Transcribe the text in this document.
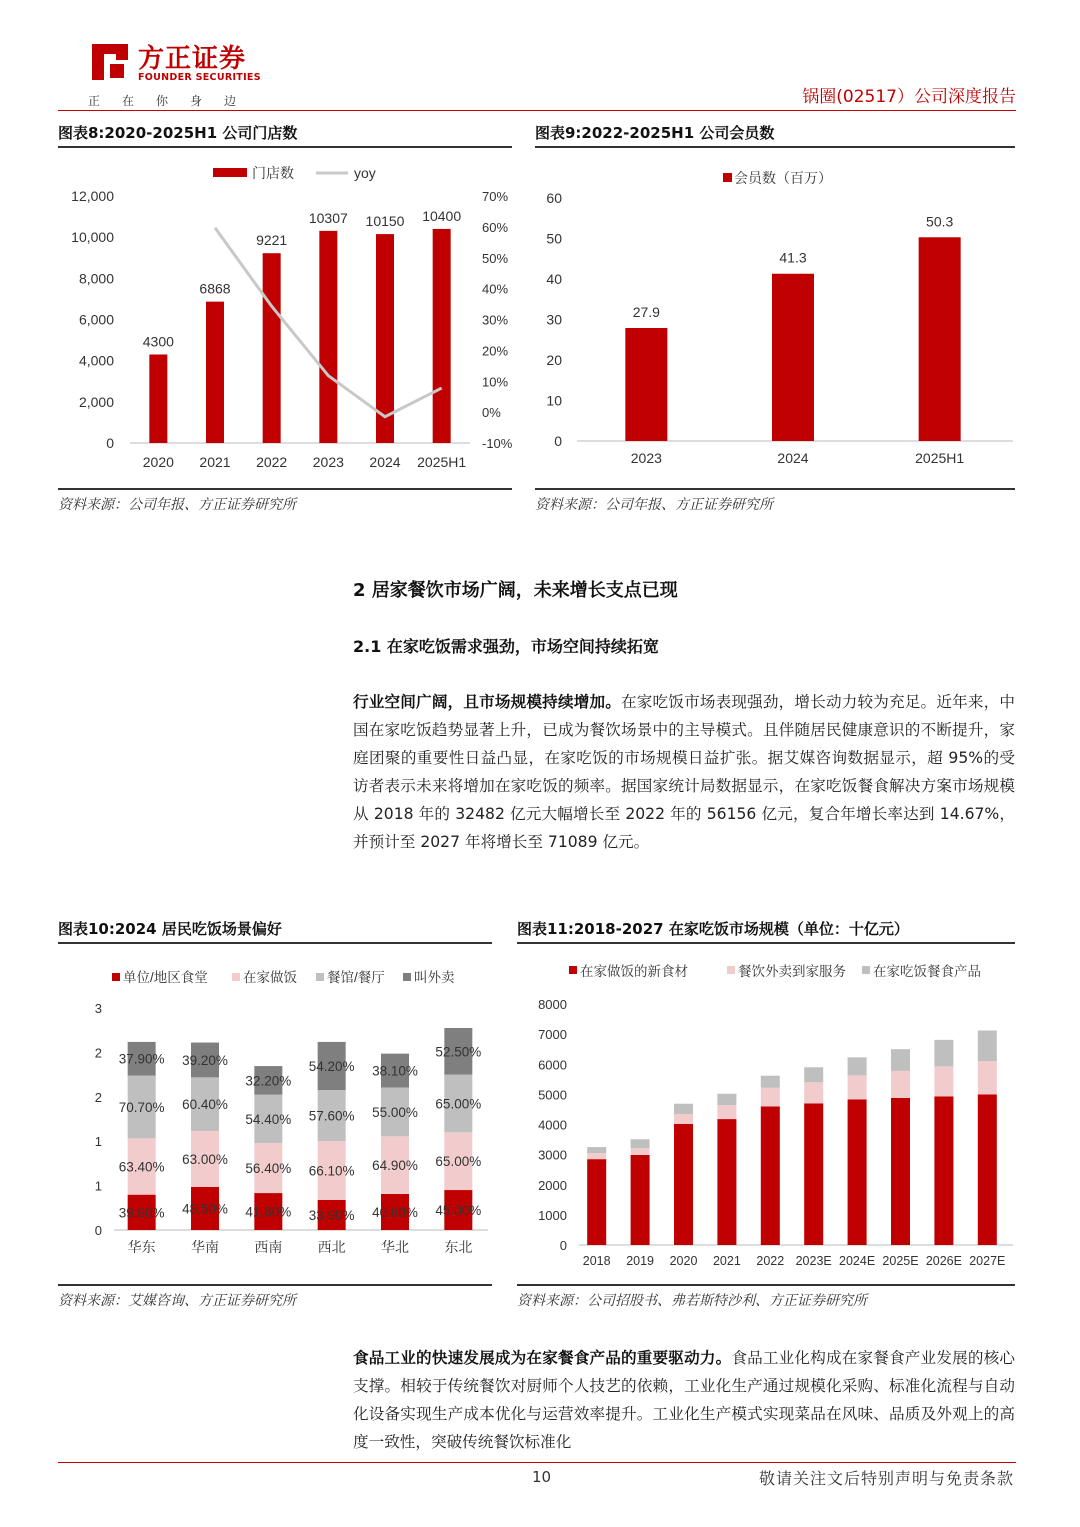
方正证券
FOUNDER SECURITIES
正	在	你	身	边	锅圈(02517）公司深度报告
图表8:2020-2025H1 公司门店数
门店数	yoy
0
2,000
4,000
6,000
8,000
10,000
12,000
-10%
0%
10%
20%
30%
40%
50%
60%
70%
4300
2020
6868
2021
9221
2022
10307
2023
10150
2024
10400
2025H1
资料来源：公司年报、方正证券研究所
图表9:2022-2025H1 公司会员数
会员数（百万）
0
10
20
30
40
50
60
27.9
2023
41.3
2024
50.3
2025H1
资料来源：公司年报、方正证券研究所
2 居家餐饮市场广阔，未来增长支点已现
2.1 在家吃饭需求强劲，市场空间持续拓宽
行业空间广阔，且市场规模持续增加。在家吃饭市场表现强劲，增长动力较为充足。近年来，中国在家吃饭趋势显著上升，已成为餐饮场景中的主导模式。且伴随居民健康意识的不断提升，家庭团聚的重要性日益凸显，在家吃饭的市场规模日益扩张。据艾媒咨询数据显示，超 95%的受访者表示未来将增加在家吃饭的频率。据国家统计局数据显示，在家吃饭餐食解决方案市场规模从 2018 年的 32482 亿元大幅增长至 2022 年的 56156 亿元，复合年增长率达到 14.67%，并预计至 2027 年将增长至 71089 亿元。
图表10:2024 居民吃饭场景偏好
单位/地区食堂	在家做饭 餐馆/餐厅 叫外卖
0
1
1
2
2
3
39.80%
63.40%
70.70%
37.90%
华东
48.50%
63.00%
60.40%
39.20%
华南
41.60%
56.40%
54.40%
32.20%
西南
33.90%
66.10%
57.60%
54.20%
西北
40.60%
64.90%
55.00%
38.10%
华北
45.00%
65.00%
65.00%
52.50%
东北
资料来源：艾媒咨询、方正证券研究所
图表11:2018-2027 在家吃饭市场规模（单位：十亿元）
在家做饭的新食材	餐饮外卖到家服务 在家吃饭餐食产品
0
1000
2000
3000
4000
5000
6000
7000
8000
2018 2019 2020 2021 2022 2023E 2024E 2025E 2026E 2027E
资料来源：公司招股书、弗若斯特沙利、方正证券研究所
食品工业的快速发展成为在家餐食产品的重要驱动力。食品工业化构成在家餐食产业发展的核心支撑。相较于传统餐饮对厨师个人技艺的依赖，工业化生产通过规模化采购、标准化流程与自动化设备实现生产成本优化与运营效率提升。工业化生产模式实现菜品在风味、品质及外观上的高度一致性，突破传统餐饮标准化
10	敬请关注文后特别声明与免责条款
